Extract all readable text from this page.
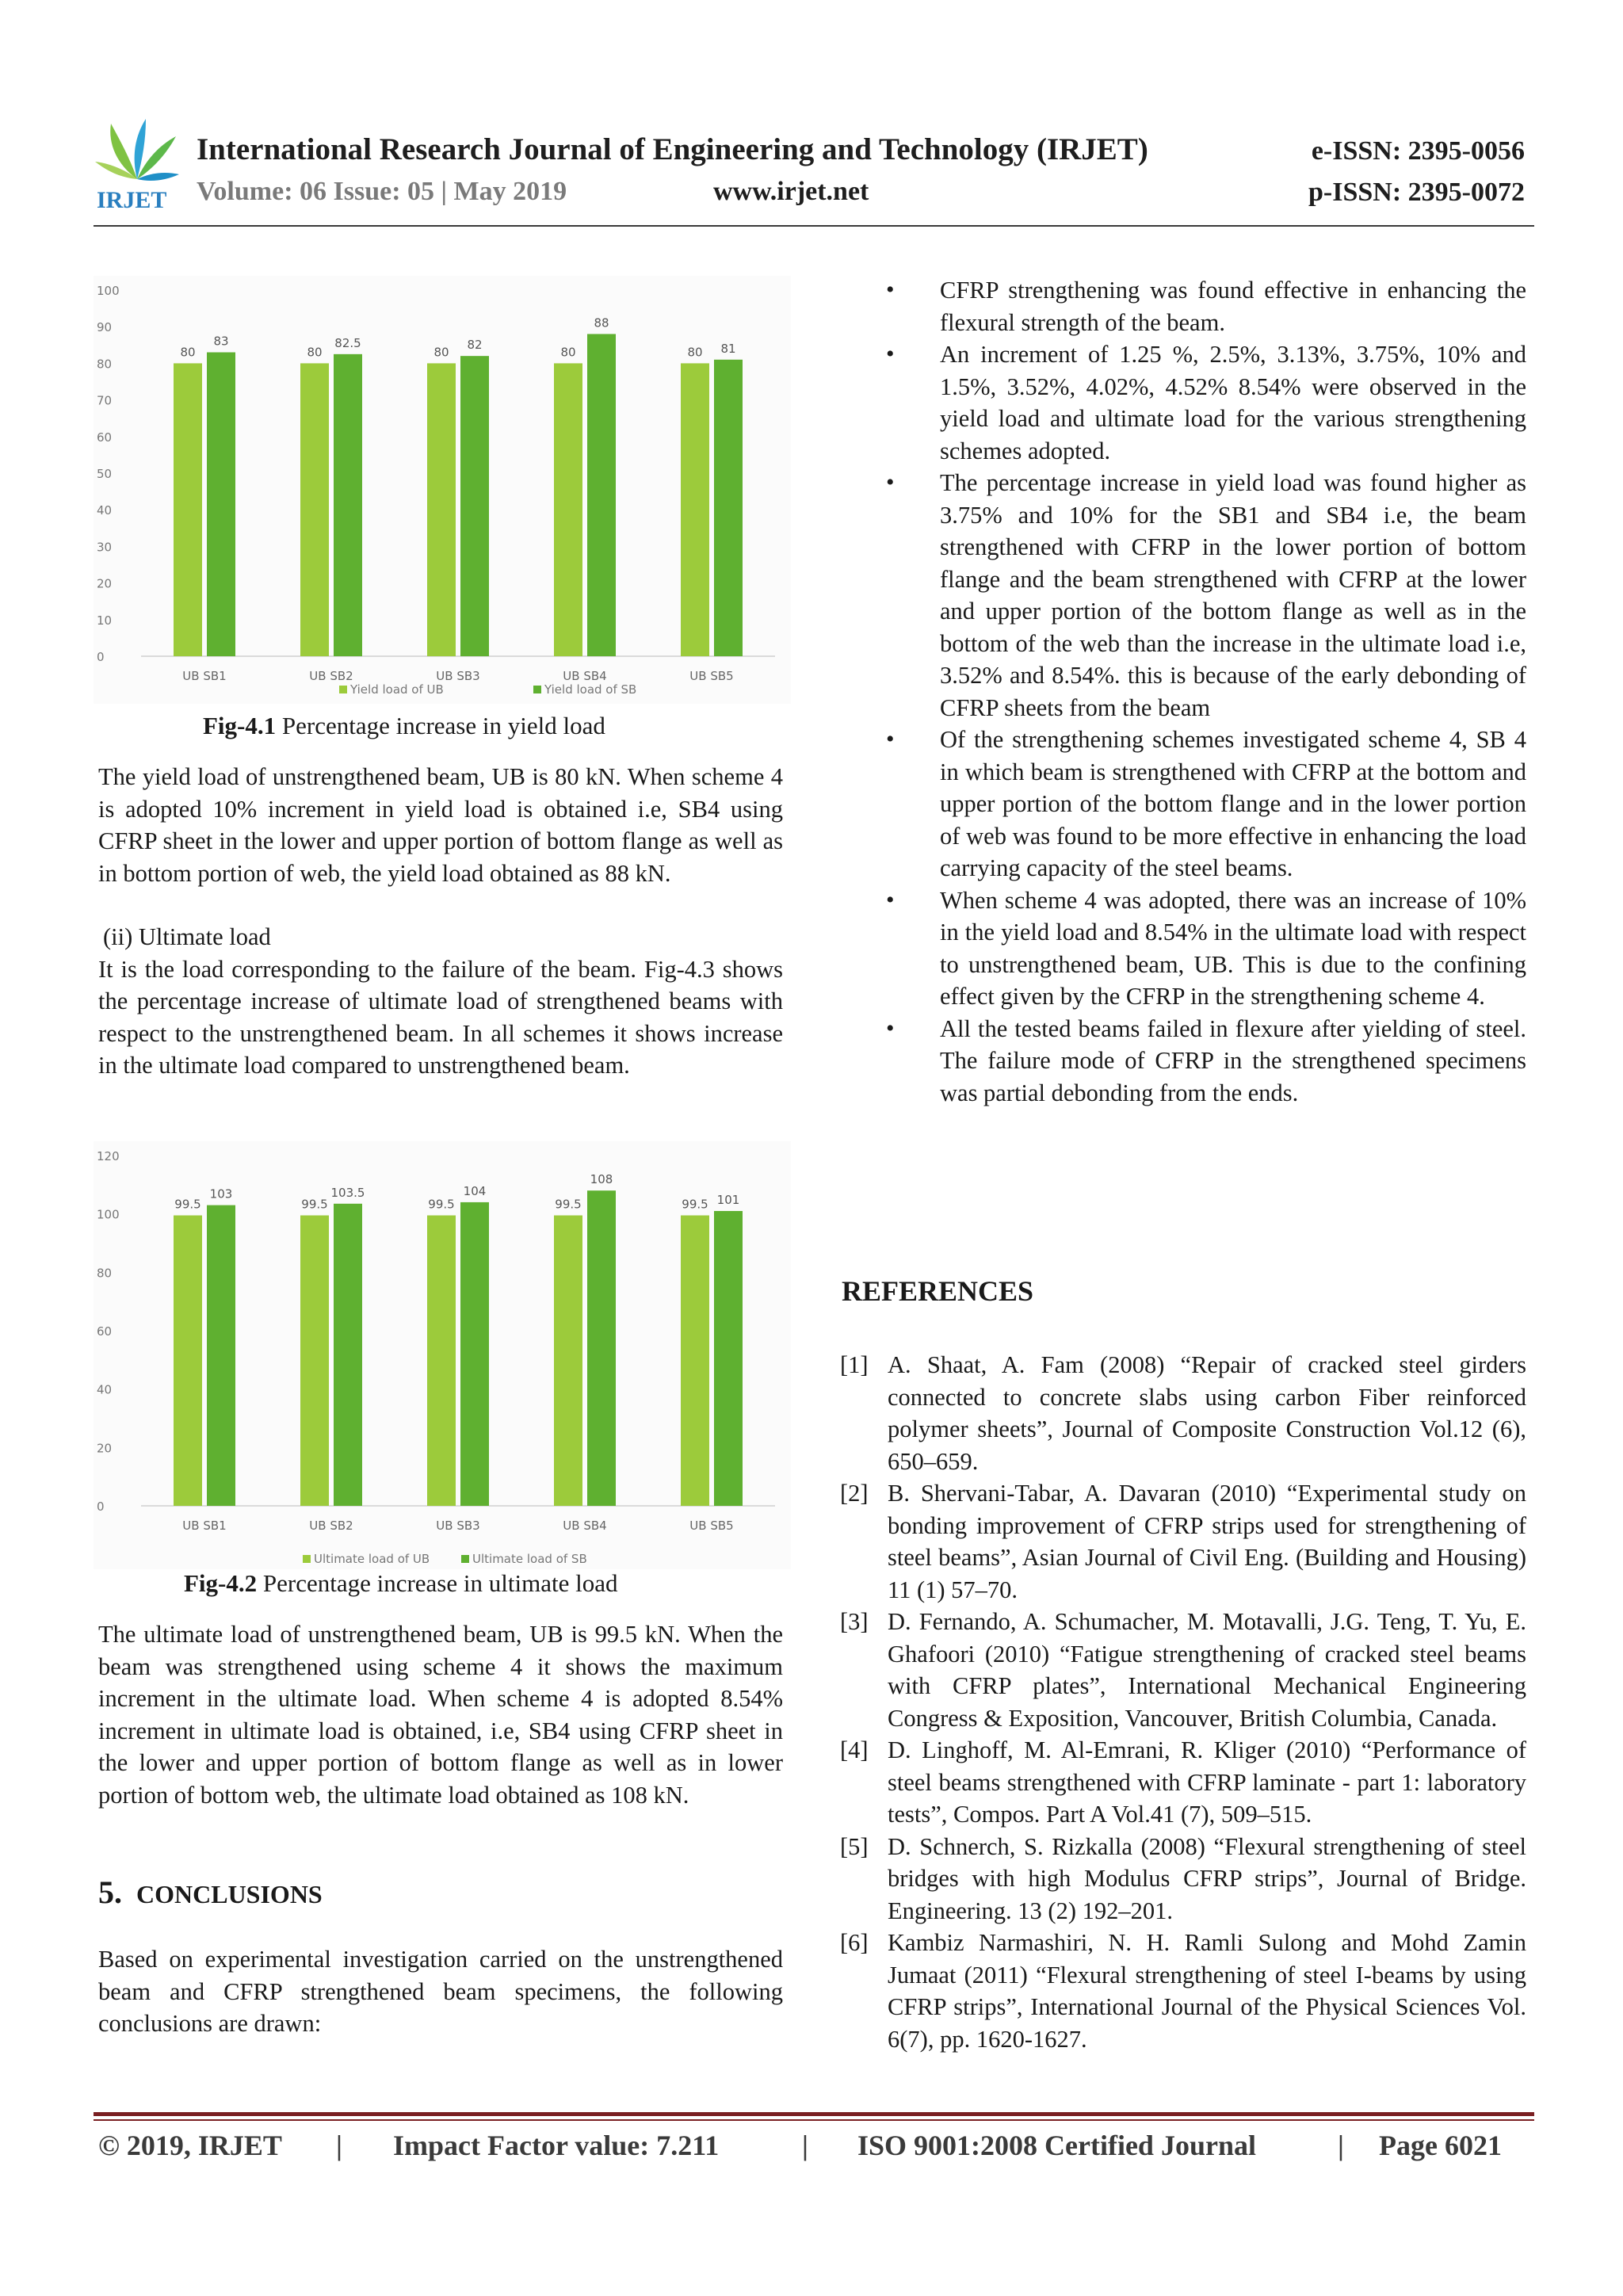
IRJET
International Research Journal of Engineering and Technology (IRJET)
Volume: 06 Issue: 05 | May 2019	www.irjet.net
e-ISSN: 2395-0056
p-ISSN: 2395-0072
0
10
20
30
40
50
60
70
80
90
100
80
83
UB SB1
80
82.5
UB SB2
80
82
UB SB3
80
88
UB SB4
80 81
UB SB5
Yield load of UB	Yield load of SB
Fig-4.1 Percentage increase in yield load

The yield load of unstrengthened beam, UB is 80 kN. When scheme 4 is adopted 10% increment in yield load is obtained i.e, SB4 using CFRP sheet in the lower and upper portion of bottom flange as well as in bottom portion of web, the yield load obtained as 88 kN.

(ii) Ultimate load

It is the load corresponding to the failure of the beam. Fig-4.3 shows the percentage increase of ultimate load of strengthened beams with respect to the unstrengthened beam. In all schemes it shows increase in the ultimate load compared to unstrengthened beam.

0
20
40
60
80
100
120
99.5
103
UB SB1
99.5
103.5
UB SB2
99.5
104
UB SB3
99.5
108
UB SB4
99.5 101
UB SB5
Ultimate load of UB	Ultimate load of SB
Fig-4.2 Percentage increase in ultimate load

The ultimate load of unstrengthened beam, UB is 99.5 kN. When the beam was strengthened using scheme 4 it shows the maximum increment in the ultimate load. When scheme 4 is adopted 8.54% increment in ultimate load is obtained, i.e, SB4 using CFRP sheet in the lower and upper portion of bottom flange as well as in lower portion of bottom web, the ultimate load obtained as 108 kN.

5. CONCLUSIONS

Based on experimental investigation carried on the unstrengthened beam and CFRP strengthened beam specimens, the following conclusions are drawn:

• CFRP strengthening was found effective in enhancing the flexural strength of the beam.
• An increment of 1.25 %, 2.5%, 3.13%, 3.75%, 10% and 1.5%, 3.52%, 4.02%, 4.52% 8.54% were observed in the yield load and ultimate load for the various strengthening schemes adopted.
• The percentage increase in yield load was found higher as 3.75% and 10% for the SB1 and SB4 i.e, the beam strengthened with CFRP in the lower portion of bottom flange and the beam strengthened with CFRP at the lower and upper portion of the bottom flange as well as in the bottom of the web than the increase in the ultimate load i.e, 3.52% and 8.54%. this is because of the early debonding of CFRP sheets from the beam
• Of the strengthening schemes investigated scheme 4, SB 4 in which beam is strengthened with CFRP at the bottom and upper portion of the bottom flange and in the lower portion of web was found to be more effective in enhancing the load carrying capacity of the steel beams.
• When scheme 4 was adopted, there was an increase of 10% in the yield load and 8.54% in the ultimate load with respect to unstrengthened beam, UB. This is due to the confining effect given by the CFRP in the strengthening scheme 4.
• All the tested beams failed in flexure after yielding of steel. The failure mode of CFRP in the strengthened specimens was partial debonding from the ends.
REFERENCES
[1] A. Shaat, A. Fam (2008) “Repair of cracked steel girders connected to concrete slabs using carbon Fiber reinforced polymer sheets”, Journal of Composite Construction Vol.12 (6), 650–659.
[2] B. Shervani-Tabar, A. Davaran (2010) “Experimental study on bonding improvement of CFRP strips used for strengthening of steel beams”, Asian Journal of Civil Eng. (Building and Housing) 11 (1) 57–70.
[3] D. Fernando, A. Schumacher, M. Motavalli, J.G. Teng, T. Yu, E. Ghafoori (2010) “Fatigue strengthening of cracked steel beams with CFRP plates”, International Mechanical Engineering Congress & Exposition, Vancouver, British Columbia, Canada.
[4] D. Linghoff, M. Al-Emrani, R. Kliger (2010) “Performance of steel beams strengthened with CFRP laminate - part 1: laboratory tests”, Compos. Part A Vol.41 (7), 509–515.
[5] D. Schnerch, S. Rizkalla (2008) “Flexural strengthening of steel bridges with high Modulus CFRP strips”, Journal of Bridge. Engineering. 13 (2) 192–201.
[6] Kambiz Narmashiri, N. H. Ramli Sulong and Mohd Zamin Jumaat (2011) “Flexural strengthening of steel I-beams by using CFRP strips”, International Journal of the Physical Sciences Vol. 6(7), pp. 1620-1627.
© 2019, IRJET | Impact Factor value: 7.211	| ISO 9001:2008 Certified Journal	| Page 6021
